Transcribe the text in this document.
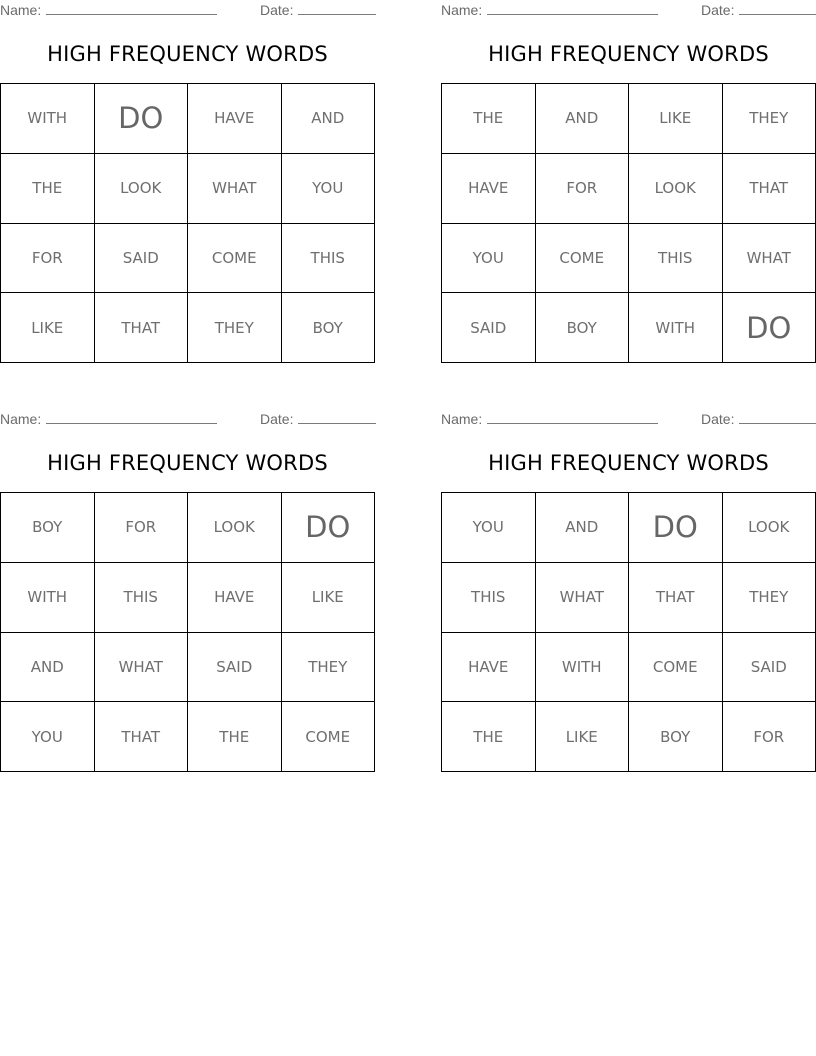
Name:	Date:
HIGH FREQUENCY WORDS
WITH	DO	HAVE	AND
THE	LOOK	WHAT	YOU
FOR	SAID	COME	THIS
LIKE	THAT	THEY	BOY
Name:	Date:
HIGH FREQUENCY WORDS
THE	AND	LIKE	THEY
HAVE	FOR	LOOK	THAT
YOU	COME	THIS	WHAT
SAID	BOY	WITH	DO
Name:	Date:
HIGH FREQUENCY WORDS
BOY	FOR	LOOK	DO
WITH	THIS	HAVE	LIKE
AND	WHAT	SAID	THEY
YOU	THAT	THE	COME
Name:	Date:
HIGH FREQUENCY WORDS
YOU	AND	DO	LOOK
THIS	WHAT	THAT	THEY
HAVE	WITH	COME	SAID
THE	LIKE	BOY	FOR
